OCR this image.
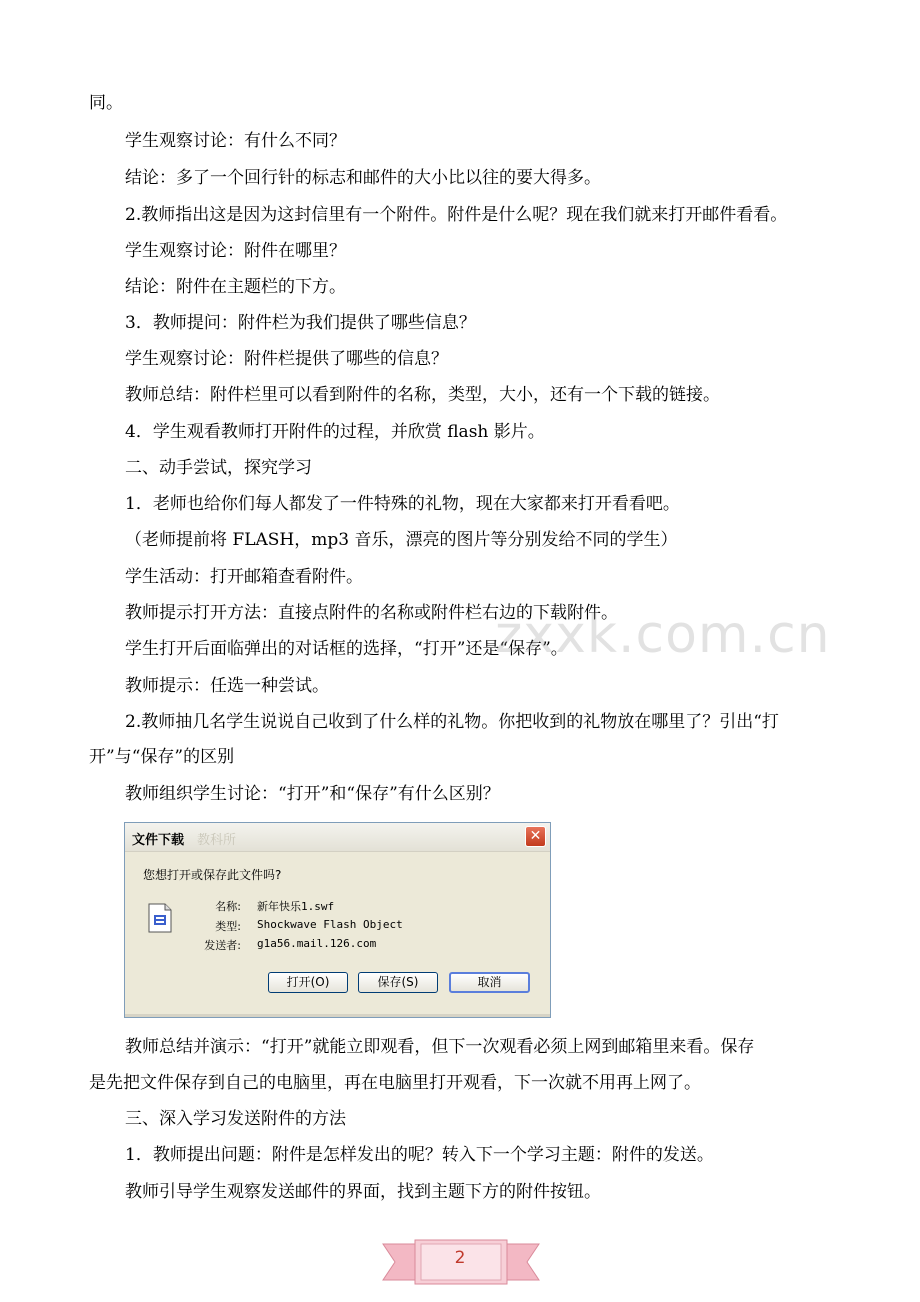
同。
学生观察讨论：有什么不同？
结论：多了一个回行针的标志和邮件的大小比以往的要大得多。
2.教师指出这是因为这封信里有一个附件。附件是什么呢？现在我们就来打开邮件看看。
学生观察讨论：附件在哪里？
结论：附件在主题栏的下方。
3．教师提问：附件栏为我们提供了哪些信息？
学生观察讨论：附件栏提供了哪些的信息？
教师总结：附件栏里可以看到附件的名称，类型，大小，还有一个下载的链接。
4．学生观看教师打开附件的过程，并欣赏 flash 影片。
二、动手尝试，探究学习
1．老师也给你们每人都发了一件特殊的礼物，现在大家都来打开看看吧。
（老师提前将 FLASH，mp3 音乐，漂亮的图片等分别发给不同的学生）
学生活动：打开邮箱查看附件。
教师提示打开方法：直接点附件的名称或附件栏右边的下载附件。
学生打开后面临弹出的对话框的选择，“打开”还是“保存”。
教师提示：任选一种尝试。
2.教师抽几名学生说说自己收到了什么样的礼物。你把收到的礼物放在哪里了？引出“打
开”与“保存”的区别
教师组织学生讨论：“打开”和“保存”有什么区别？
zxxk.com.cn
文件下载 教科所	✕
您想打开或保存此文件吗?
名称: 新年快乐1.swf
类型: Shockwave Flash Object
发送者: g1a56.mail.126.com
打开(O)	保存(S)	取消
教师总结并演示：“打开”就能立即观看，但下一次观看必须上网到邮箱里来看。保存
是先把文件保存到自己的电脑里，再在电脑里打开观看，下一次就不用再上网了。
三、深入学习发送附件的方法
1．教师提出问题：附件是怎样发出的呢？转入下一个学习主题：附件的发送。
教师引导学生观察发送邮件的界面，找到主题下方的附件按钮。
2
